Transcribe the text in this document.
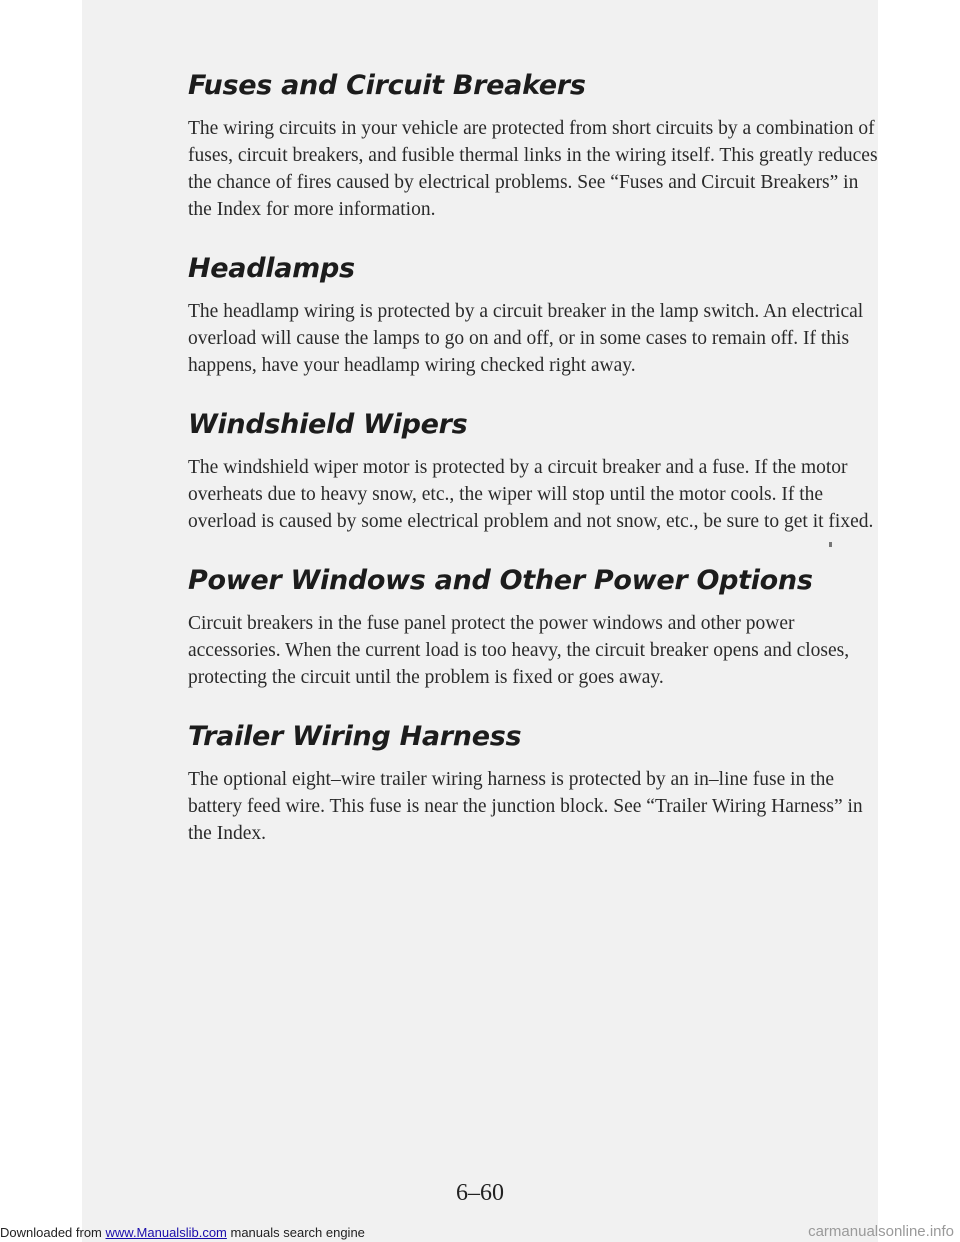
Fuses and Circuit Breakers

The wiring circuits in your vehicle are protected from short circuits by a combination of fuses, circuit breakers, and fusible thermal links in the wiring itself. This greatly reduces the chance of fires caused by electrical problems. See “Fuses and Circuit Breakers” in the Index for more information.

Headlamps

The headlamp wiring is protected by a circuit breaker in the lamp switch. An electrical overload will cause the lamps to go on and off, or in some cases to remain off. If this happens, have your headlamp wiring checked right away.

Windshield Wipers

The windshield wiper motor is protected by a circuit breaker and a fuse. If the motor overheats due to heavy snow, etc., the wiper will stop until the motor cools. If the overload is caused by some electrical problem and not snow, etc., be sure to get it fixed.

Power Windows and Other Power Options

Circuit breakers in the fuse panel protect the power windows and other power accessories. When the current load is too heavy, the circuit breaker opens and closes, protecting the circuit until the problem is fixed or goes away.

Trailer Wiring Harness

The optional eight–wire trailer wiring harness is protected by an in–line fuse in the battery feed wire. This fuse is near the junction block. See “Trailer Wiring Harness” in the Index.

6–60
Downloaded from www.Manualslib.com manuals search engine	carmanualsonline.info
